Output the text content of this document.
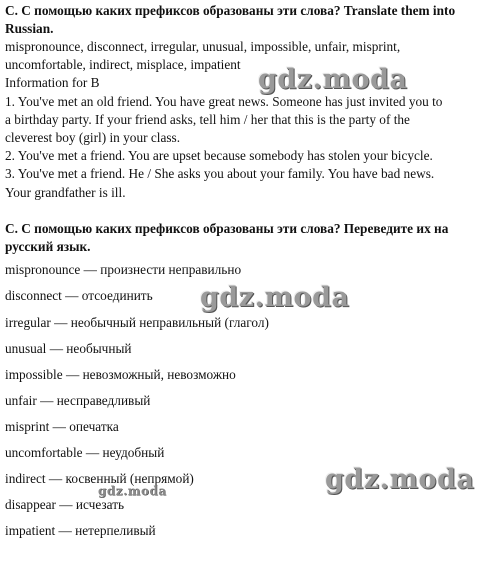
C. С помощью каких префиксов образованы эти слова? Translate them into Russian.

mispronounce, disconnect, irregular, unusual, impossible, unfair, misprint,
uncomfortable, indirect, misplace, impatient
Information for B
1. You've met an old friend. You have great news. Someone has just invited you to
a birthday party. If your friend asks, tell him / her that this is the party of the
cleverest boy (girl) in your class.
2. You've met a friend. You are upset because somebody has stolen your bicycle.
3. You've met a friend. He / She asks you about your family. You have bad news.
Your grandfather is ill.

C. С помощью каких префиксов образованы эти слова? Переведите их на русский язык.

mispronounce — произнести неправильно
disconnect — отсоединить
irregular — необычный неправильный (глагол)
unusual — необычный
impossible — невозможный, невозможно
unfair — несправедливый
misprint — опечатка
uncomfortable — неудобный
indirect — косвенный (непрямой)
disappear — исчезать
impatient — нетерпеливый
gdz.moda
gdz.moda
gdz.moda
gdz.moda
